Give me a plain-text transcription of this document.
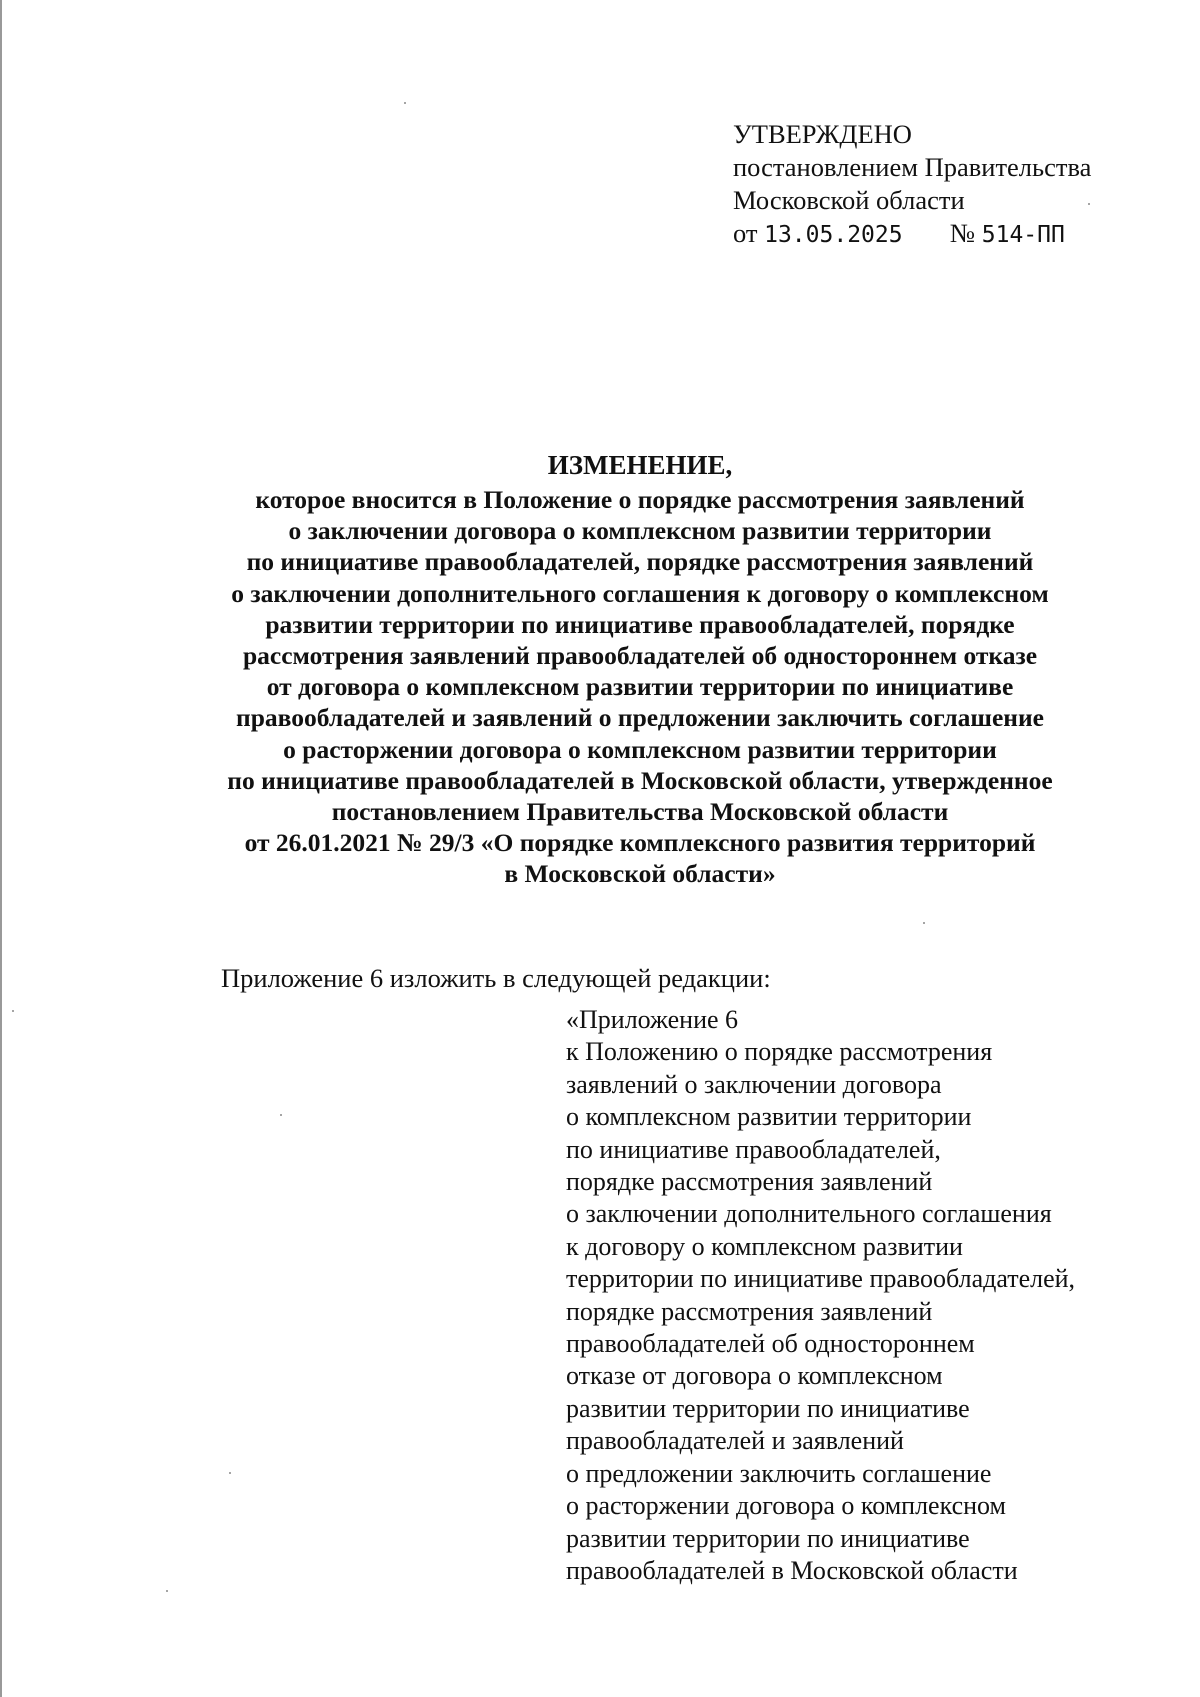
УТВЕРЖДЕНО
постановлением Правительства
Московской области
от 13.05.2025 № 514-ПП
ИЗМЕНЕНИЕ,
которое вносится в Положение о порядке рассмотрения заявлений
о заключении договора о комплексном развитии территории
по инициативе правообладателей, порядке рассмотрения заявлений
о заключении дополнительного соглашения к договору о комплексном
развитии территории по инициативе правообладателей, порядке
рассмотрения заявлений правообладателей об одностороннем отказе
от договора о комплексном развитии территории по инициативе
правообладателей и заявлений о предложении заключить соглашение
о расторжении договора о комплексном развитии территории
по инициативе правообладателей в Московской области, утвержденное
постановлением Правительства Московской области
от 26.01.2021 № 29/3 «О порядке комплексного развития территорий
в Московской области»
Приложение 6 изложить в следующей редакции:
«Приложение 6
к Положению о порядке рассмотрения
заявлений о заключении договора
о комплексном развитии территории
по инициативе правообладателей,
порядке рассмотрения заявлений
о заключении дополнительного соглашения
к договору о комплексном развитии
территории по инициативе правообладателей,
порядке рассмотрения заявлений
правообладателей об одностороннем
отказе от договора о комплексном
развитии территории по инициативе
правообладателей и заявлений
о предложении заключить соглашение
о расторжении договора о комплексном
развитии территории по инициативе
правообладателей в Московской области
